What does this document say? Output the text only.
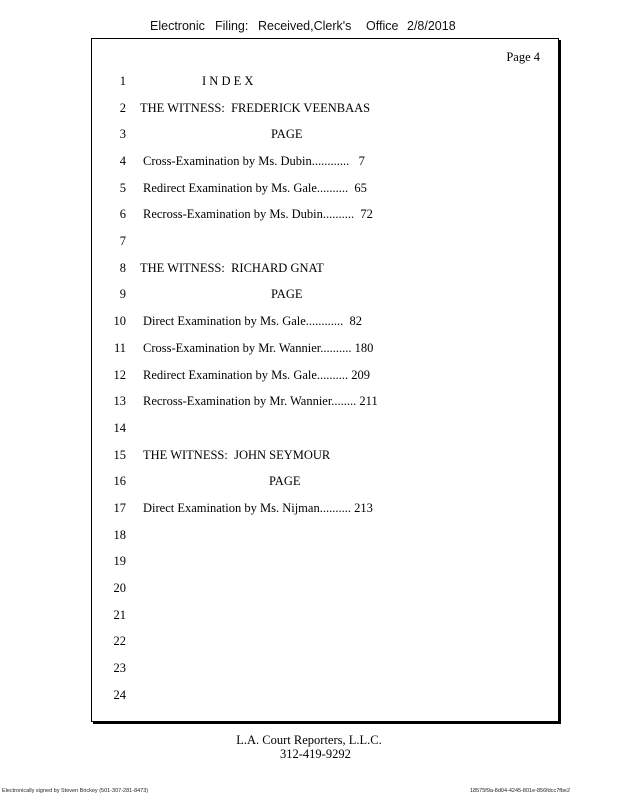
Electronic Filing: Received,Clerk's Office 2/8/2018
Page 4
1
2
3
4
5
6
7
8
9
10
11
12
13
14
15
16
17
18
19
20
21
22
23
24
I N D E X
THE WITNESS:  FREDERICK VEENBAAS
PAGE
Cross-Examination by Ms. Dubin............   7
Redirect Examination by Ms. Gale..........  65
Recross-Examination by Ms. Dubin..........  72
THE WITNESS:  RICHARD GNAT
PAGE
Direct Examination by Ms. Gale............  82
Cross-Examination by Mr. Wannier.......... 180
Redirect Examination by Ms. Gale.......... 209
Recross-Examination by Mr. Wannier........ 211
THE WITNESS:  JOHN SEYMOUR
PAGE
Direct Examination by Ms. Nijman.......... 213
L.A. Court Reporters, L.L.C.
312-419-9292
Electronically signed by Steven Brickey (501-307-281-8473)	18575f9a-8d04-4245-801e-856fdcc7fbe2
